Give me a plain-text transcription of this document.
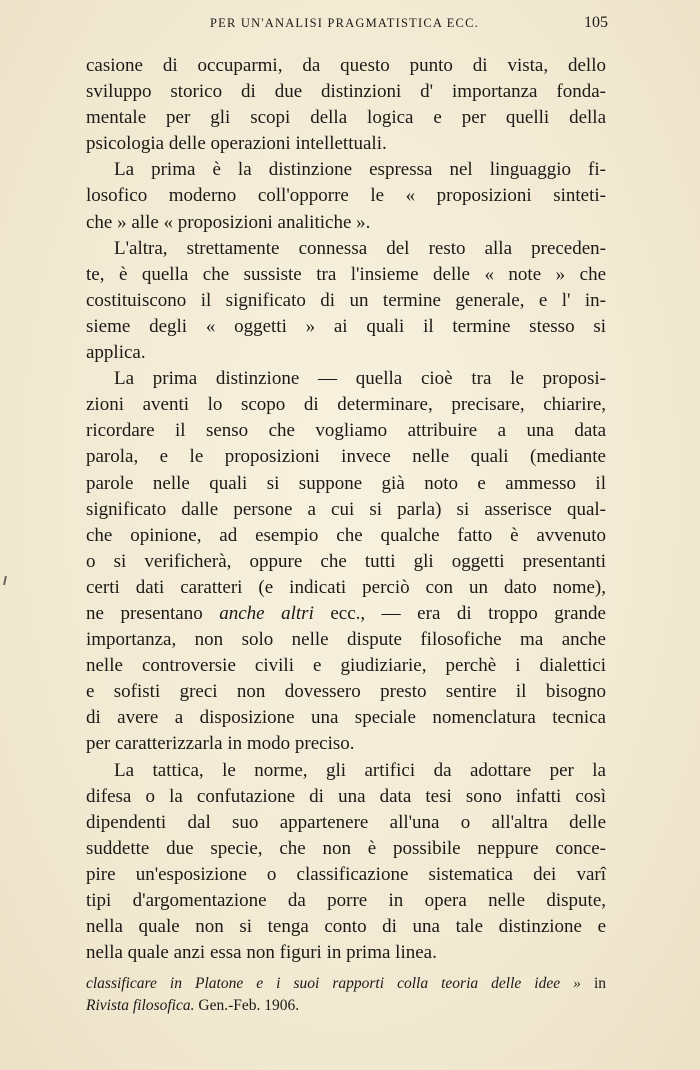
PER UN'ANALISI PRAGMATISTICA ECC.	105

casione di occuparmi, da questo punto di vista, dello
sviluppo storico di due distinzioni d' importanza fonda-
mentale per gli scopi della logica e per quelli della
psicologia delle operazioni intellettuali.

La prima è la distinzione espressa nel linguaggio fi-
losofico moderno coll'opporre le « proposizioni sinteti-
che » alle « proposizioni analitiche ».

L'altra, strettamente connessa del resto alla preceden-
te, è quella che sussiste tra l'insieme delle « note » che
costituiscono il significato di un termine generale, e l' in-
sieme degli « oggetti » ai quali il termine stesso si
applica.

La prima distinzione — quella cioè tra le proposi-
zioni aventi lo scopo di determinare, precisare, chiarire,
ricordare il senso che vogliamo attribuire a una data
parola, e le proposizioni invece nelle quali (mediante
parole nelle quali si suppone già noto e ammesso il
significato dalle persone a cui si parla) si asserisce qual-
che opinione, ad esempio che qualche fatto è avvenuto
o si verificherà, oppure che tutti gli oggetti presentanti
certi dati caratteri (e indicati perciò con un dato nome),
ne presentano anche altri ecc., — era di troppo grande
importanza, non solo nelle dispute filosofiche ma anche
nelle controversie civili e giudiziarie, perchè i dialettici
e sofisti greci non dovessero presto sentire il bisogno
di avere a disposizione una speciale nomenclatura tecnica
per caratterizzarla in modo preciso.

La tattica, le norme, gli artifici da adottare per la
difesa o la confutazione di una data tesi sono infatti così
dipendenti dal suo appartenere all'una o all'altra delle
suddette due specie, che non è possibile neppure conce-
pire un'esposizione o classificazione sistematica dei varî
tipi d'argomentazione da porre in opera nelle dispute,
nella quale non si tenga conto di una tale distinzione e
nella quale anzi essa non figuri in prima linea.

classificare in Platone e i suoi rapporti colla teoria delle idee » in
Rivista filosofica. Gen.-Feb. 1906.
